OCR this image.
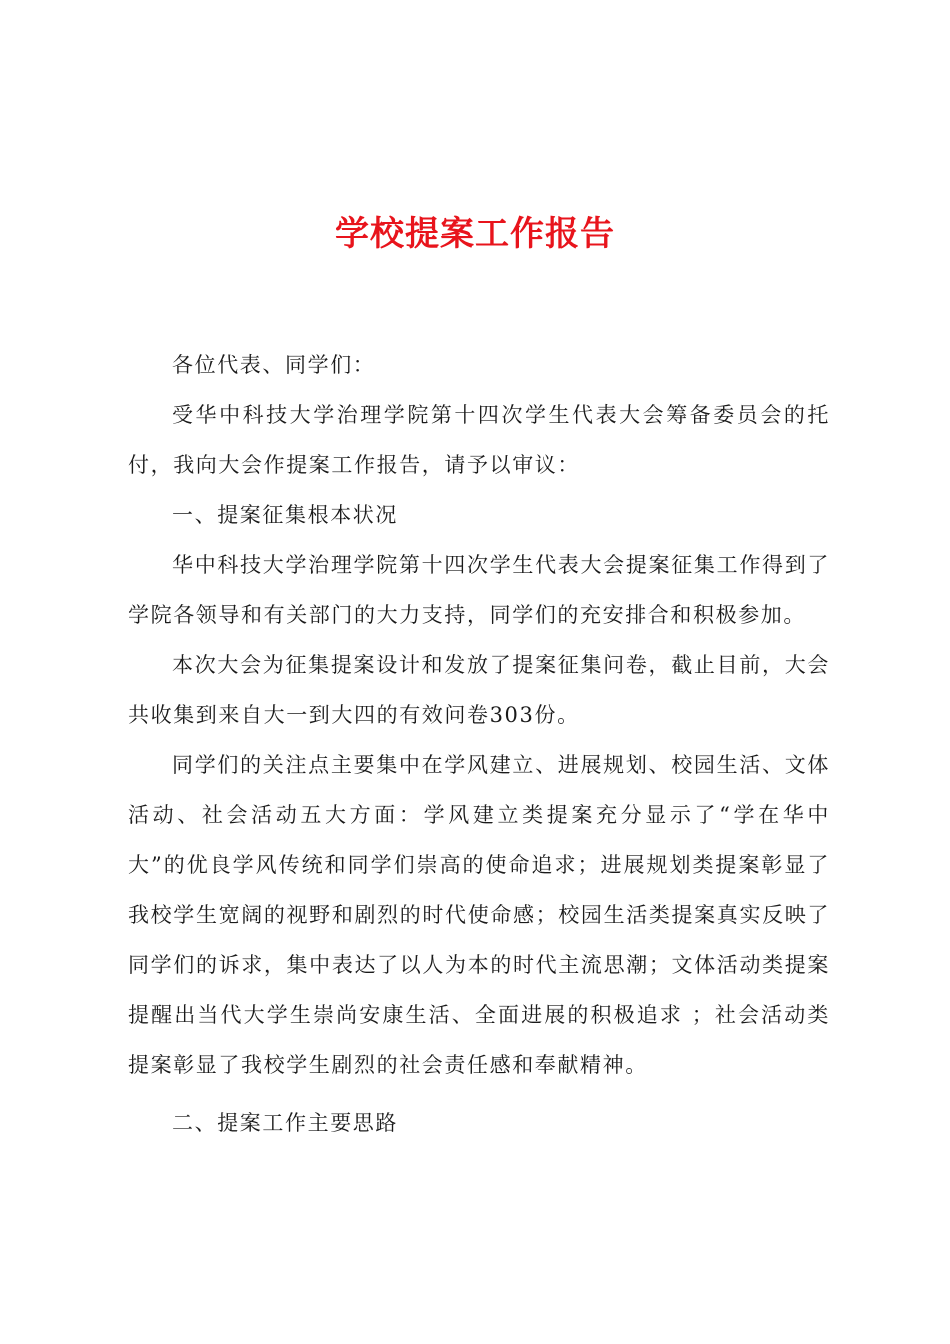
学校提案工作报告

各位代表、同学们：

受华中科技大学治理学院第十四次学生代表大会筹备委员会的托付，我向大会作提案工作报告，请予以审议：

一、提案征集根本状况

华中科技大学治理学院第十四次学生代表大会提案征集工作得到了学院各领导和有关部门的大力支持，同学们的充安排合和积极参加。

本次大会为征集提案设计和发放了提案征集问卷，截止目前，大会共收集到来自大一到大四的有效问卷303份。

同学们的关注点主要集中在学风建立、进展规划、校园生活、文体活动、社会活动五大方面：学风建立类提案充分显示了“学在华中大”的优良学风传统和同学们崇高的使命追求；进展规划类提案彰显了我校学生宽阔的视野和剧烈的时代使命感；校园生活类提案真实反映了同学们的诉求，集中表达了以人为本的时代主流思潮；文体活动类提案提醒出当代大学生崇尚安康生活、全面进展的积极追求 ；社会活动类提案彰显了我校学生剧烈的社会责任感和奉献精神。

二、提案工作主要思路
